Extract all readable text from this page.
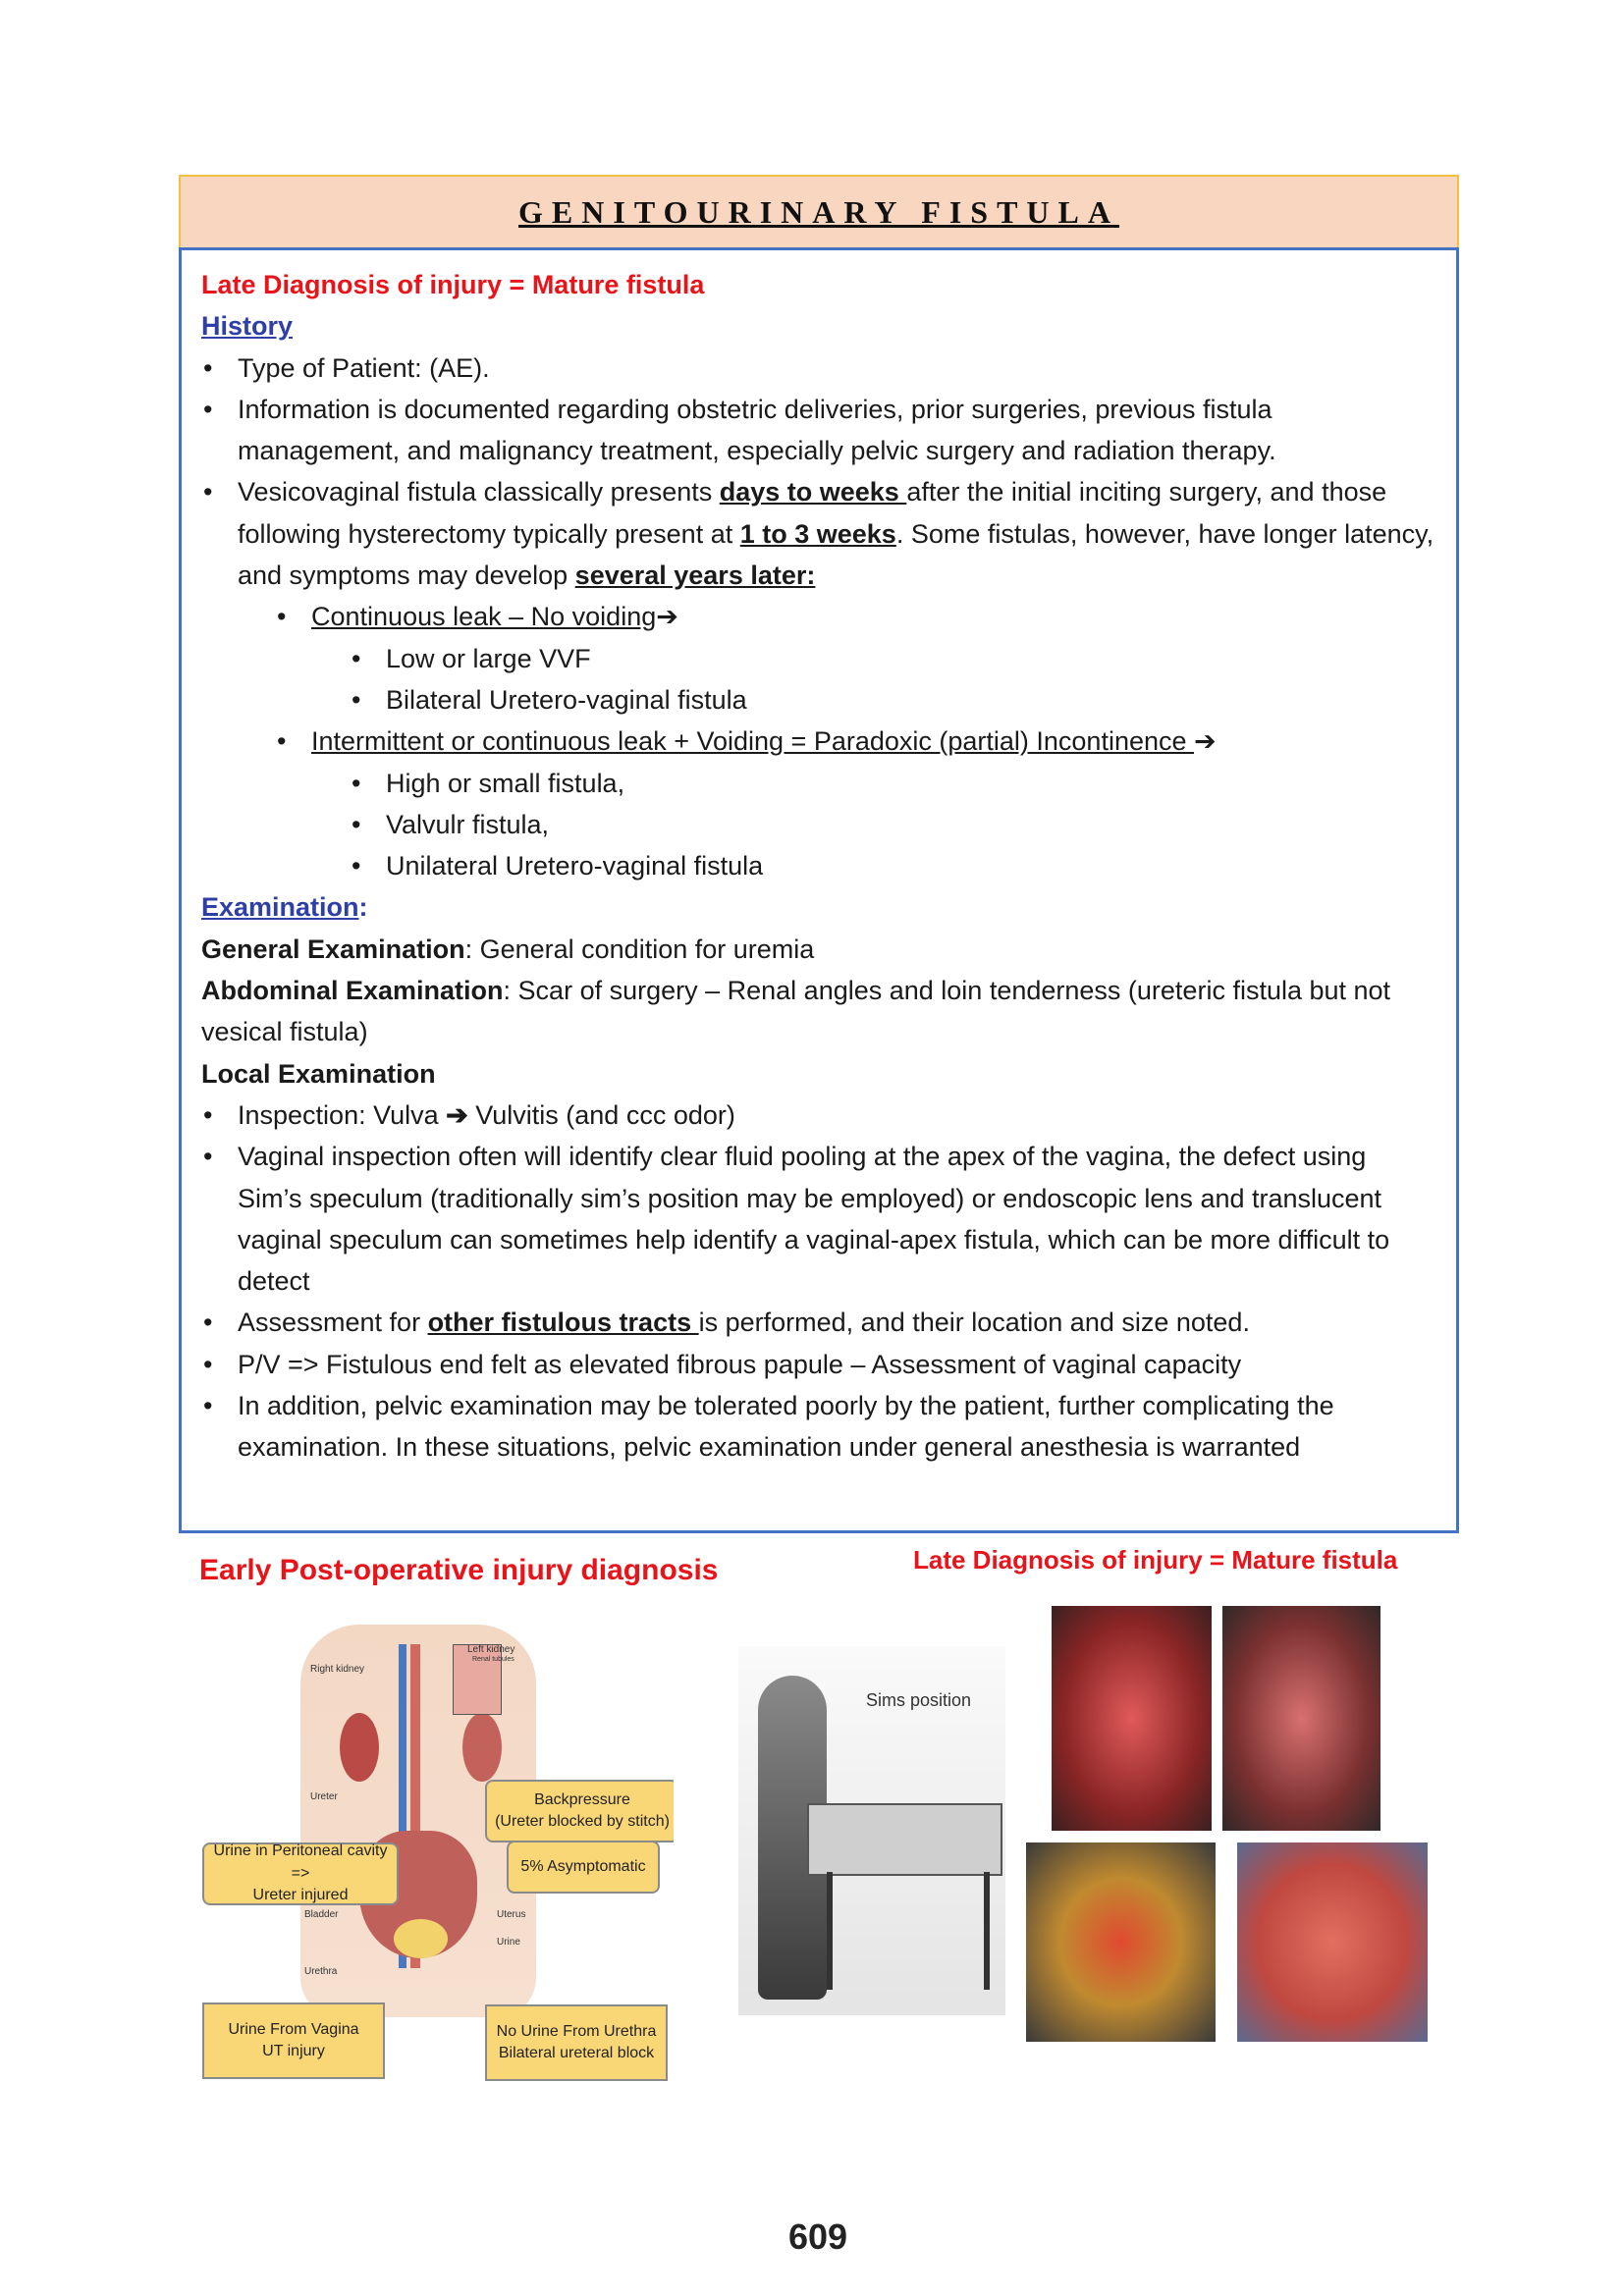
GENITOURINARY FISTULA
Late Diagnosis of injury = Mature fistula
History
• Type of Patient: (AE).
• Information is documented regarding obstetric deliveries, prior surgeries, previous fistula management, and malignancy treatment, especially pelvic surgery and radiation therapy.
• Vesicovaginal fistula classically presents days to weeks after the initial inciting surgery, and those following hysterectomy typically present at 1 to 3 weeks. Some fistulas, however, have longer latency, and symptoms may develop several years later:
• Continuous leak – No voiding➔
• Low or large VVF
• Bilateral Uretero-vaginal fistula
• Intermittent or continuous leak + Voiding = Paradoxic (partial) Incontinence ➔
• High or small fistula,
• Valvulr fistula,
• Unilateral Uretero-vaginal fistula
Examination:
General Examination: General condition for uremia
Abdominal Examination: Scar of surgery – Renal angles and loin tenderness (ureteric fistula but not vesical fistula)
Local Examination
• Inspection: Vulva ➔ Vulvitis (and ccc odor)
• Vaginal inspection often will identify clear fluid pooling at the apex of the vagina, the defect using Sim’s speculum (traditionally sim’s position may be employed) or endoscopic lens and translucent vaginal speculum can sometimes help identify a vaginal-apex fistula, which can be more difficult to detect
• Assessment for other fistulous tracts is performed, and their location and size noted.
• P/V => Fistulous end felt as elevated fibrous papule – Assessment of vaginal capacity
• In addition, pelvic examination may be tolerated poorly by the patient, further complicating the examination. In these situations, pelvic examination under general anesthesia is warranted
Early Post-operative injury diagnosis	Late Diagnosis of injury = Mature fistula
Left kidney
Renal tubules
Right kidney
Ureter
Bladder	Uterus
Urine
Urethra
Backpressure
(Ureter blocked by stitch)
5% Asymptomatic
Urine in Peritoneal cavity =>
Ureter injured
Urine From Vagina
UT injury
No Urine From Urethra
Bilateral ureteral block
Sims position
609
